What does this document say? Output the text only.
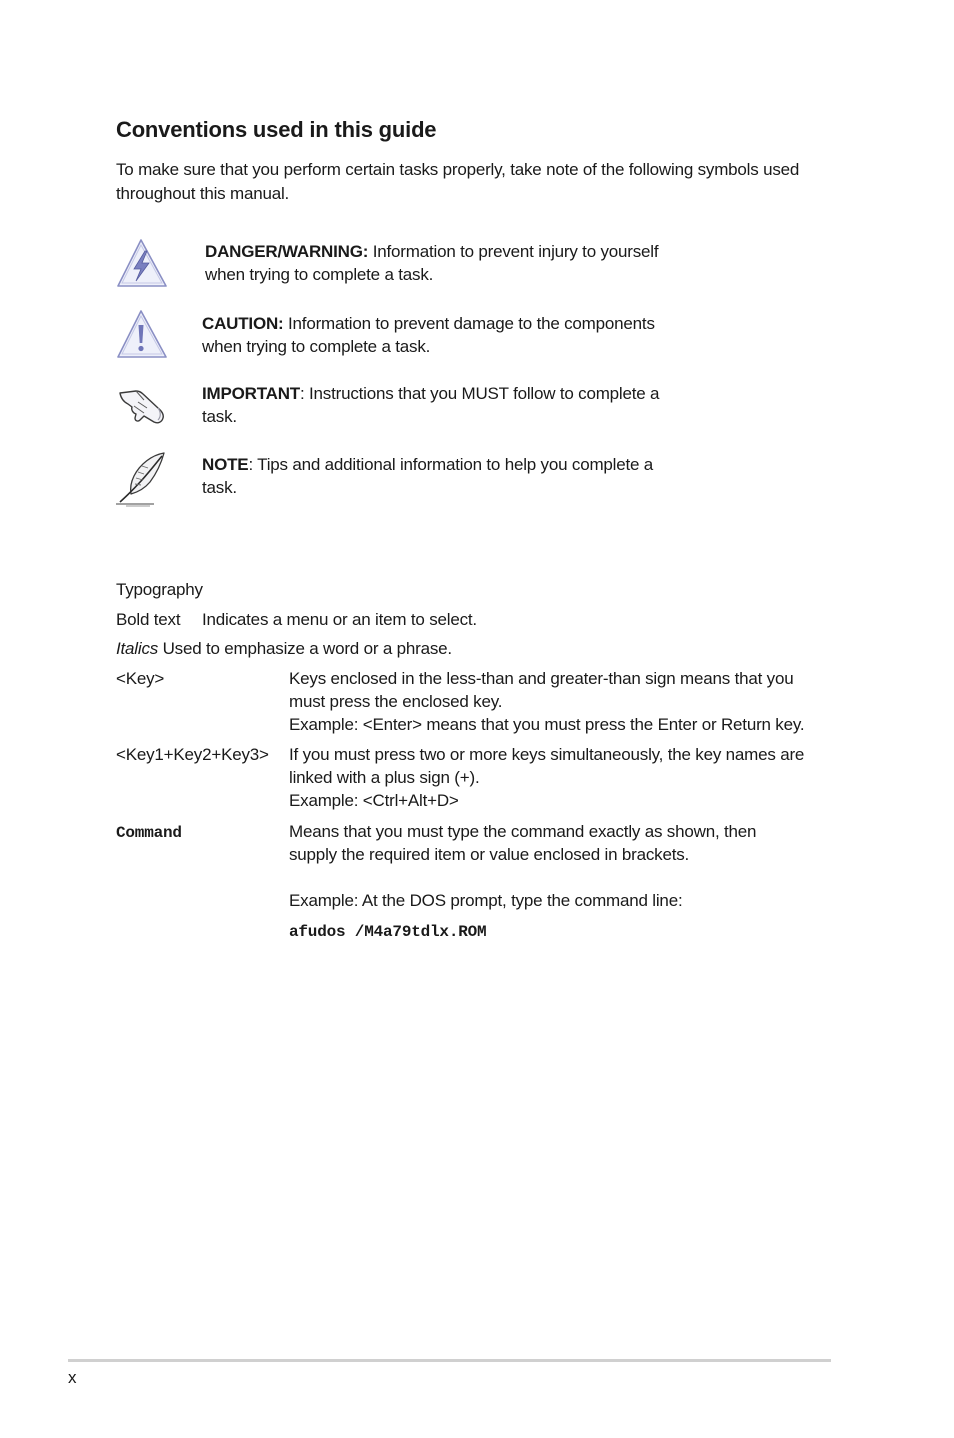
Conventions used in this guide
To make sure that you perform certain tasks properly, take note of the following symbols used throughout this manual.
DANGER/WARNING: Information to prevent injury to yourself
when trying to complete a task.
CAUTION: Information to prevent damage to the components
when trying to complete a task.
IMPORTANT: Instructions that you MUST follow to complete a
task.
NOTE: Tips and additional information to help you complete a
task.
Typography
Bold text Indicates a menu or an item to select.
Italics Used to emphasize a word or a phrase.
<Key>	Keys enclosed in the less-than and greater-than sign means that you
must press the enclosed key.
Example: <Enter> means that you must press the Enter or Return key.
<Key1+Key2+Key3> If you must press two or more keys simultaneously, the key names are
linked with a plus sign (+).
Example: <Ctrl+Alt+D>
Command	Means that you must type the command exactly as shown, then
supply the required item or value enclosed in brackets.
Example: At the DOS prompt, type the command line:
afudos /M4a79tdlx.ROM
x
